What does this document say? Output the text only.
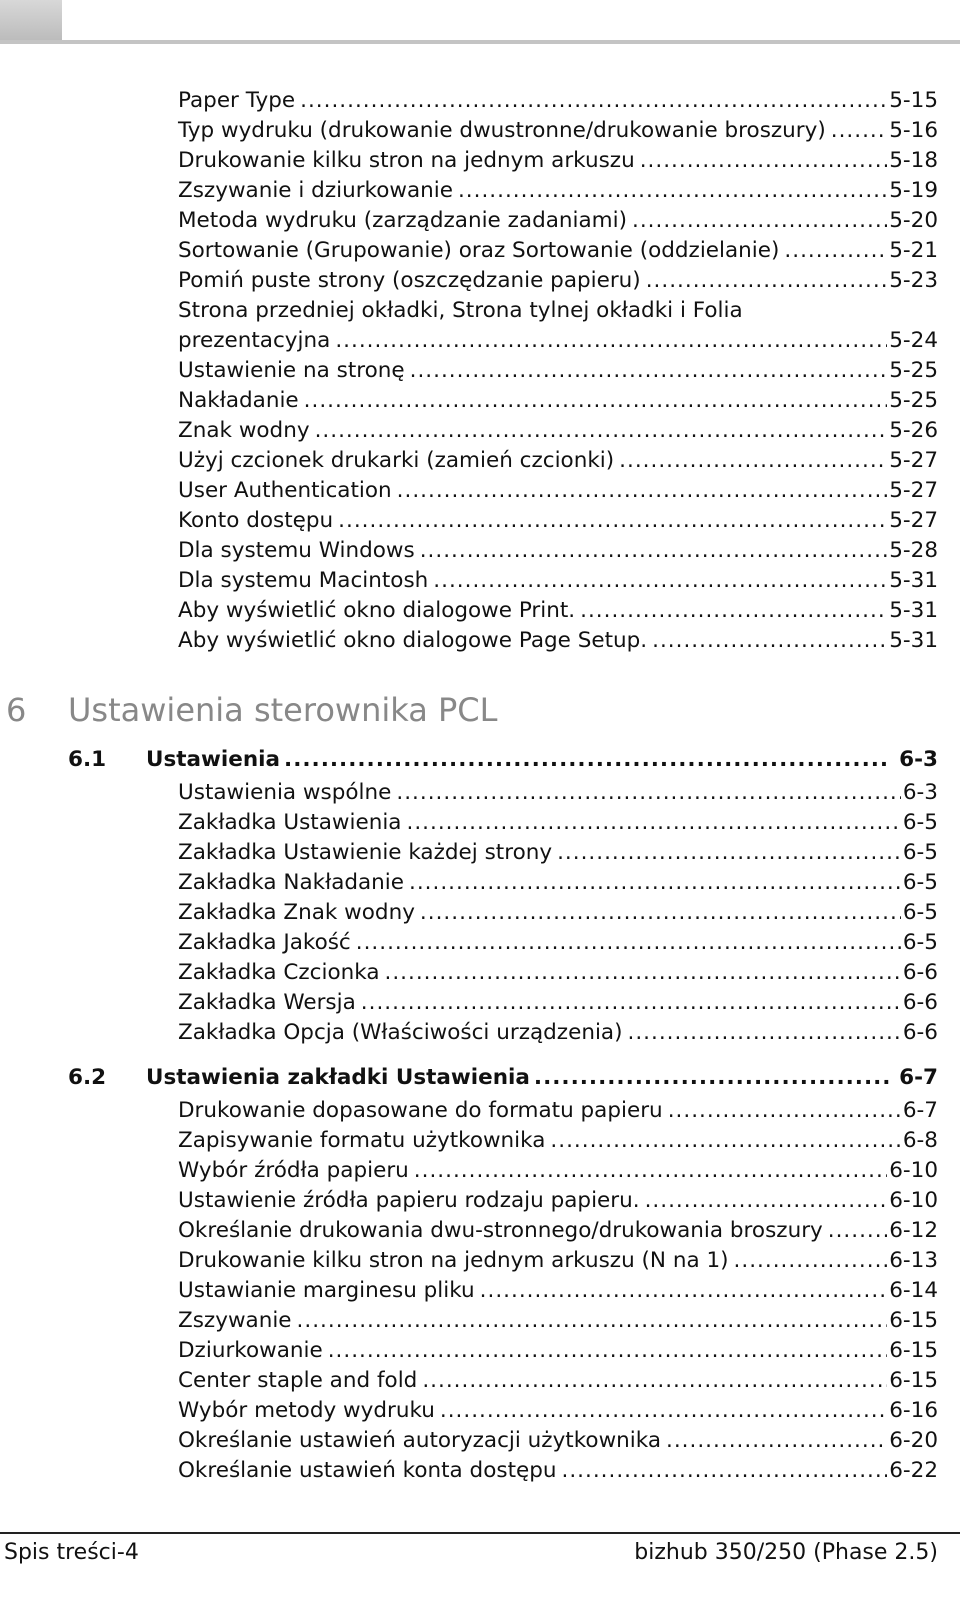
Paper Type .....	5-15
Typ wydruku (drukowanie dwustronne/drukowanie broszury) .....	5-16
Drukowanie kilku stron na jednym arkuszu .....	5-18
Zszywanie i dziurkowanie .....	5-19
Metoda wydruku (zarządzanie zadaniami) .....	5-20
Sortowanie (Grupowanie) oraz Sortowanie (oddzielanie) .....	5-21
Pomiń puste strony (oszczędzanie papieru) .....	5-23
Strona przedniej okładki, Strona tylnej okładki i Folia
prezentacyjna .....	5-24
Ustawienie na stronę .....	5-25
Nakładanie .....	5-25
Znak wodny .....	5-26
Użyj czcionek drukarki (zamień czcionki) .....	5-27
User Authentication .....	5-27
Konto dostępu .....	5-27
Dla systemu Windows .....	5-28
Dla systemu Macintosh .....	5-31
Aby wyświetlić okno dialogowe Print. .....	5-31
Aby wyświetlić okno dialogowe Page Setup. .....	5-31
6 Ustawienia sterownika PCL
6.1	Ustawienia .....	6-3
Ustawienia wspólne .....	6-3
Zakładka Ustawienia .....	6-5
Zakładka Ustawienie każdej strony .....	6-5
Zakładka Nakładanie .....	6-5
Zakładka Znak wodny .....	6-5
Zakładka Jakość .....	6-5
Zakładka Czcionka .....	6-6
Zakładka Wersja .....	6-6
Zakładka Opcja (Właściwości urządzenia) .....	6-6
6.2	Ustawienia zakładki Ustawienia .....	6-7
Drukowanie dopasowane do formatu papieru .....	6-7
Zapisywanie formatu użytkownika .....	6-8
Wybór źródła papieru .....	6-10
Ustawienie źródła papieru rodzaju papieru. .....	6-10
Określanie drukowania dwu-stronnego/drukowania broszury .....	6-12
Drukowanie kilku stron na jednym arkuszu (N na 1) .....	6-13
Ustawianie marginesu pliku .....	6-14
Zszywanie .....	6-15
Dziurkowanie .....	6-15
Center staple and fold .....	6-15
Wybór metody wydruku .....	6-16
Określanie ustawień autoryzacji użytkownika .....	6-20
Określanie ustawień konta dostępu .....	6-22
Spis treści-4	bizhub 350/250 (Phase 2.5)
